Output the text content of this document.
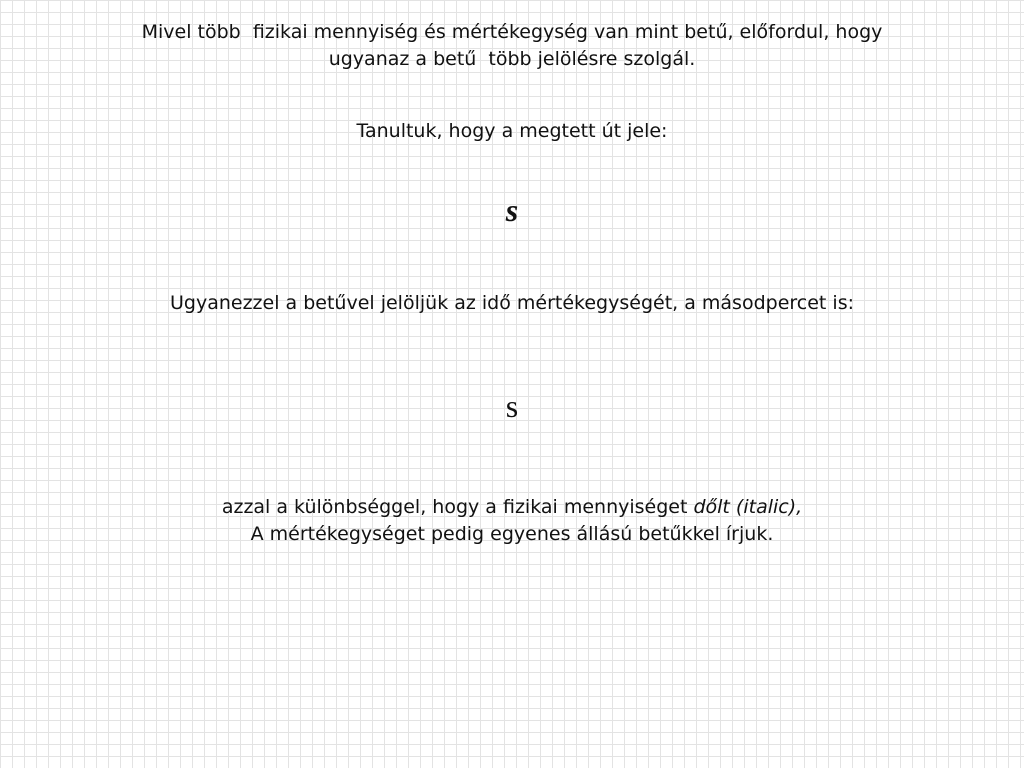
Mivel több  fizikai mennyiség és mértékegység van mint betű, előfordul, hogy
ugyanaz a betű  több jelölésre szolgál.
Tanultuk, hogy a megtett út jele:
s
Ugyanezzel a betűvel jelöljük az idő mértékegységét, a másodpercet is:
s
azzal a különbséggel, hogy a fizikai mennyiséget dőlt (italic),
A mértékegységet pedig egyenes állású betűkkel írjuk.
